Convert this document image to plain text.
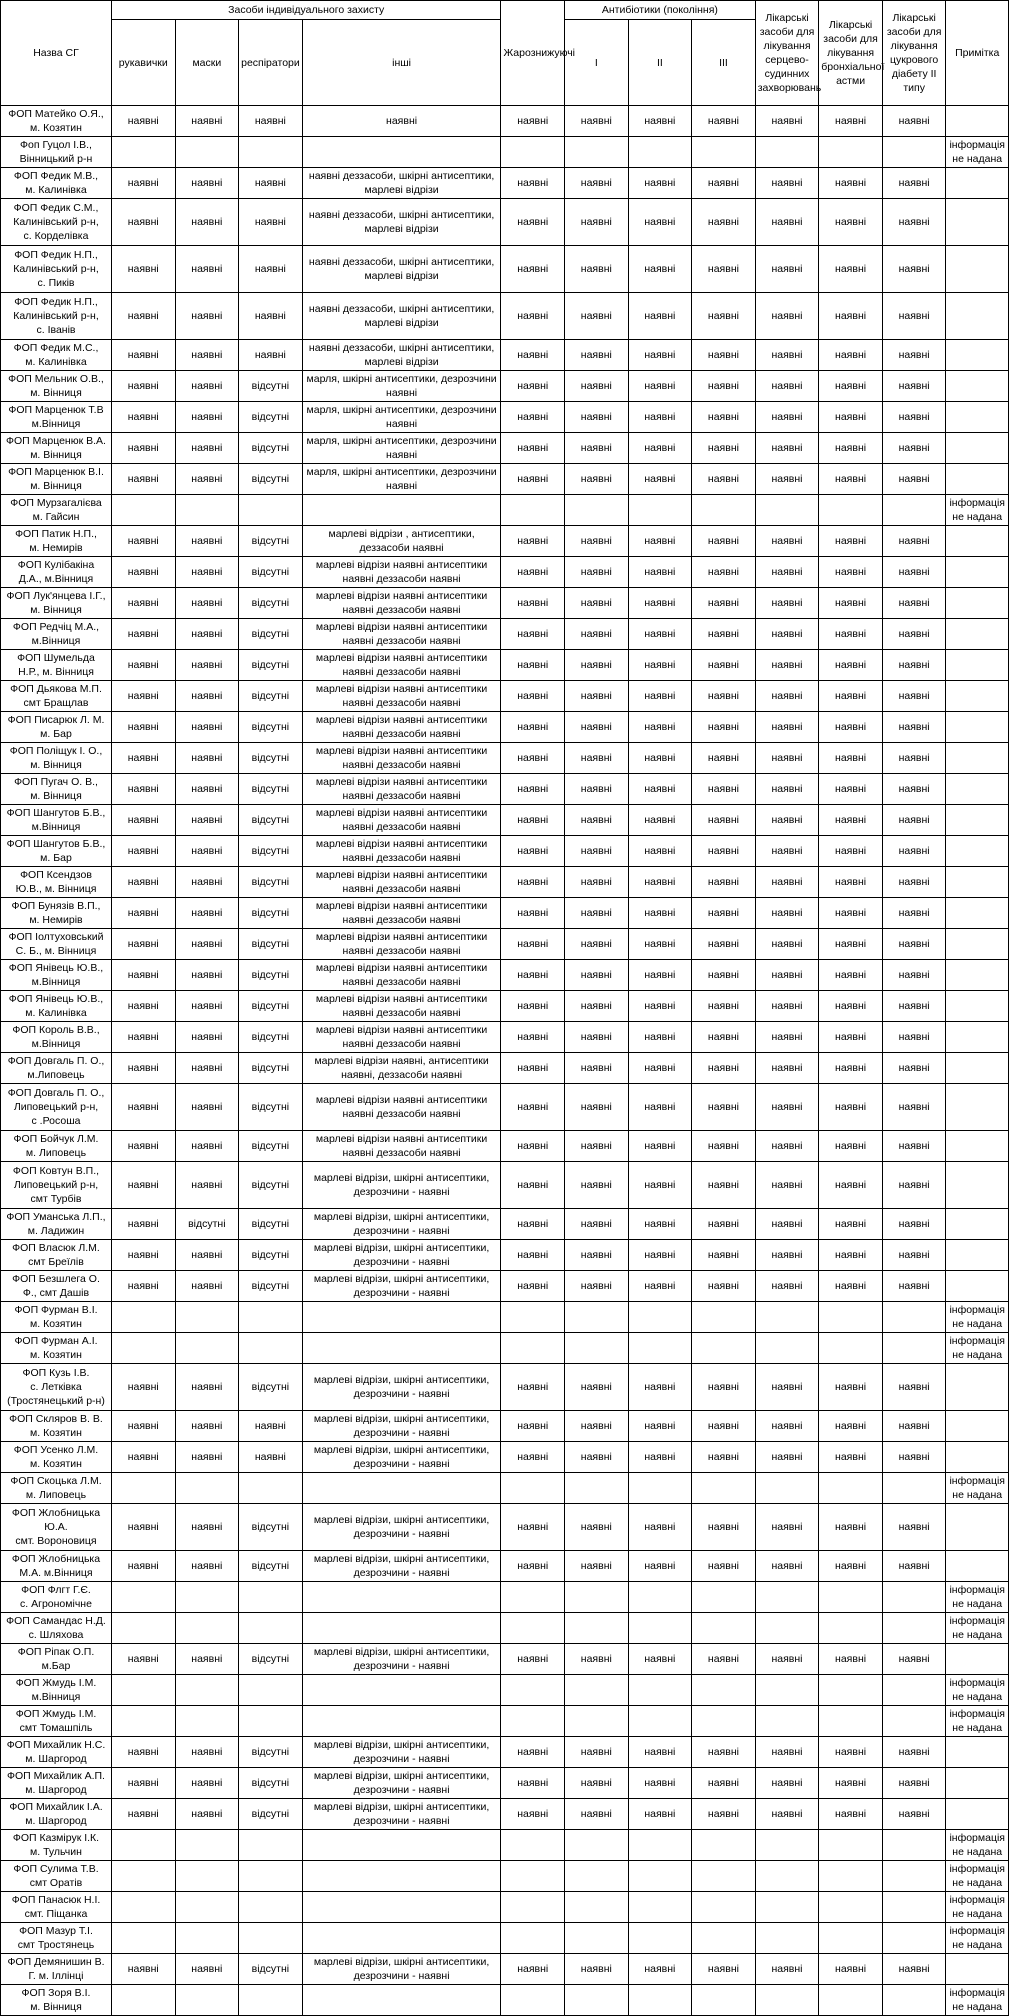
Назва СГ	Засоби індивідуального захисту				Жарознижуючі	Антибіотики (покоління)			Лікарські засоби для лікування серцево-судинних захворювань	Лікарські засоби для лікування бронхіальної астми	Лікарські засоби для лікування цукрового діабету ІІ типу	Примітка
	рукавички	маски	респіратори	інші		I	II	III				
ФОП Матейко О.Я.,
м. Козятин	наявні	наявні	наявні	наявні	наявні	наявні	наявні	наявні	наявні	наявні	наявні	
Фоп Гуцол І.В.,
Вінницький р-н												інформація
не надана
ФОП Федик М.В.,
м. Калинівка	наявні	наявні	наявні	наявні деззасоби, шкірні антисептики, марлеві відрізи	наявні	наявні	наявні	наявні	наявні	наявні	наявні	
ФОП Федик С.М.,
Калинівський р-н,
с. Корделівка	наявні	наявні	наявні	наявні деззасоби, шкірні антисептики, марлеві відрізи	наявні	наявні	наявні	наявні	наявні	наявні	наявні	
ФОП Федик Н.П.,
Калинівський р-н,
с. Пиків	наявні	наявні	наявні	наявні деззасоби, шкірні антисептики, марлеві відрізи	наявні	наявні	наявні	наявні	наявні	наявні	наявні	
ФОП Федик Н.П.,
Калинівський р-н,
с. Іванів	наявні	наявні	наявні	наявні деззасоби, шкірні антисептики, марлеві відрізи	наявні	наявні	наявні	наявні	наявні	наявні	наявні	
ФОП Федик М.С.,
м. Калинівка	наявні	наявні	наявні	наявні деззасоби, шкірні антисептики, марлеві відрізи	наявні	наявні	наявні	наявні	наявні	наявні	наявні	
ФОП Мельник О.В.,
м. Вінниця	наявні	наявні	відсутні	марля, шкірні антисептики, дезрозчини наявні	наявні	наявні	наявні	наявні	наявні	наявні	наявні	
ФОП Марценюк Т.В
м.Вінниця	наявні	наявні	відсутні	марля, шкірні антисептики, дезрозчини наявні	наявні	наявні	наявні	наявні	наявні	наявні	наявні	
ФОП Марценюк В.А.
м. Вінниця	наявні	наявні	відсутні	марля, шкірні антисептики, дезрозчини наявні	наявні	наявні	наявні	наявні	наявні	наявні	наявні	
ФОП Марценюк В.І.
м. Вінниця	наявні	наявні	відсутні	марля, шкірні антисептики, дезрозчини наявні	наявні	наявні	наявні	наявні	наявні	наявні	наявні	
ФОП Мурзагалієва
м. Гайсин												інформація
не надана
ФОП Патик Н.П.,
м. Немирів	наявні	наявні	відсутні	марлеві відрізи , антисептики, деззасоби наявні	наявні	наявні	наявні	наявні	наявні	наявні	наявні	
ФОП Кулібакіна
Д.А., м.Вінниця	наявні	наявні	відсутні	марлеві відрізи наявні антисептики наявні деззасоби наявні	наявні	наявні	наявні	наявні	наявні	наявні	наявні	
ФОП Лук'янцева І.Г.,
м. Вінниця	наявні	наявні	відсутні	марлеві відрізи наявні антисептики наявні деззасоби наявні	наявні	наявні	наявні	наявні	наявні	наявні	наявні	
ФОП Редчіц М.А.,
м.Вінниця	наявні	наявні	відсутні	марлеві відрізи наявні антисептики наявні деззасоби наявні	наявні	наявні	наявні	наявні	наявні	наявні	наявні	
ФОП Шумельда
Н.Р., м. Вінниця	наявні	наявні	відсутні	марлеві відрізи наявні антисептики наявні деззасоби наявні	наявні	наявні	наявні	наявні	наявні	наявні	наявні	
ФОП Дьякова М.П.
смт Бращлав	наявні	наявні	відсутні	марлеві відрізи наявні антисептики наявні деззасоби наявні	наявні	наявні	наявні	наявні	наявні	наявні	наявні	
ФОП Писарюк Л. М.
м. Бар	наявні	наявні	відсутні	марлеві відрізи наявні антисептики наявні деззасоби наявні	наявні	наявні	наявні	наявні	наявні	наявні	наявні	
ФОП Поліщук І. О.,
м. Вінниця	наявні	наявні	відсутні	марлеві відрізи наявні антисептики наявні деззасоби наявні	наявні	наявні	наявні	наявні	наявні	наявні	наявні	
ФОП Пугач О. В.,
м. Вінниця	наявні	наявні	відсутні	марлеві відрізи наявні антисептики наявні деззасоби наявні	наявні	наявні	наявні	наявні	наявні	наявні	наявні	
ФОП Шангутов Б.В.,
м.Вінниця	наявні	наявні	відсутні	марлеві відрізи наявні антисептики наявні деззасоби наявні	наявні	наявні	наявні	наявні	наявні	наявні	наявні	
ФОП Шангутов Б.В.,
м. Бар	наявні	наявні	відсутні	марлеві відрізи наявні антисептики наявні деззасоби наявні	наявні	наявні	наявні	наявні	наявні	наявні	наявні	
ФОП Ксендзов
Ю.В., м. Вінниця	наявні	наявні	відсутні	марлеві відрізи наявні антисептики наявні деззасоби наявні	наявні	наявні	наявні	наявні	наявні	наявні	наявні	
ФОП Бунязів В.П.,
м. Немирів	наявні	наявні	відсутні	марлеві відрізи наявні антисептики наявні деззасоби наявні	наявні	наявні	наявні	наявні	наявні	наявні	наявні	
ФОП Іолтуховський
С. Б., м. Вінниця	наявні	наявні	відсутні	марлеві відрізи наявні антисептики наявні деззасоби наявні	наявні	наявні	наявні	наявні	наявні	наявні	наявні	
ФОП Янівець Ю.В.,
м.Вінниця	наявні	наявні	відсутні	марлеві відрізи наявні антисептики наявні деззасоби наявні	наявні	наявні	наявні	наявні	наявні	наявні	наявні	
ФОП Янівець Ю.В.,
м. Калинівка	наявні	наявні	відсутні	марлеві відрізи наявні антисептики наявні деззасоби наявні	наявні	наявні	наявні	наявні	наявні	наявні	наявні	
ФОП Король В.В.,
м.Вінниця	наявні	наявні	відсутні	марлеві відрізи наявні антисептики наявні деззасоби наявні	наявні	наявні	наявні	наявні	наявні	наявні	наявні	
ФОП Довгаль П. О.,
м.Липовець	наявні	наявні	відсутні	марлеві відрізи наявні, антисептики наявні, деззасоби наявні	наявні	наявні	наявні	наявні	наявні	наявні	наявні	
ФОП Довгаль П. О.,
Липовецький р-н,
с .Росоша	наявні	наявні	відсутні	марлеві відрізи наявні антисептики наявні деззасоби наявні	наявні	наявні	наявні	наявні	наявні	наявні	наявні	
ФОП Бойчук Л.М.
м. Липовець	наявні	наявні	відсутні	марлеві відрізи наявні антисептики наявні деззасоби наявні	наявні	наявні	наявні	наявні	наявні	наявні	наявні	
ФОП Ковтун В.П.,
Липовецький р-н,
смт Турбів	наявні	наявні	відсутні	марлеві відрізи, шкірні антисептики, дезрозчини - наявні	наявні	наявні	наявні	наявні	наявні	наявні	наявні	
ФОП Уманська Л.П.,
м. Ладижин	наявні	відсутні	відсутні	марлеві відрізи, шкірні антисептики, дезрозчини - наявні	наявні	наявні	наявні	наявні	наявні	наявні	наявні	
ФОП Власюк Л.М.
смт Бреїлів	наявні	наявні	відсутні	марлеві відрізи, шкірні антисептики, дезрозчини - наявні	наявні	наявні	наявні	наявні	наявні	наявні	наявні	
ФОП Безшлега О.
Ф., смт Дашів	наявні	наявні	відсутні	марлеві відрізи, шкірні антисептики, дезрозчини - наявні	наявні	наявні	наявні	наявні	наявні	наявні	наявні	
ФОП Фурман В.І.
м. Козятин												інформація
не надана
ФОП Фурман А.І.
м. Козятин												інформація
не надана
ФОП Кузь І.В.
с. Летківка
(Тростянецький р-н)	наявні	наявні	відсутні	марлеві відрізи, шкірні антисептики, дезрозчини - наявні	наявні	наявні	наявні	наявні	наявні	наявні	наявні	
ФОП Скляров В. В.
м. Козятин	наявні	наявні	наявні	марлеві відрізи, шкірні антисептики, дезрозчини - наявні	наявні	наявні	наявні	наявні	наявні	наявні	наявні	
ФОП Усенко Л.М.
м. Козятин	наявні	наявні	наявні	марлеві відрізи, шкірні антисептики, дезрозчини - наявні	наявні	наявні	наявні	наявні	наявні	наявні	наявні	
ФОП Скоцька Л.М.
м. Липовець												інформація
не надана
ФОП Жлобницька
Ю.А.
смт. Вороновиця	наявні	наявні	відсутні	марлеві відрізи, шкірні антисептики, дезрозчини - наявні	наявні	наявні	наявні	наявні	наявні	наявні	наявні	
ФОП Жлобницька
М.А. м.Вінниця	наявні	наявні	відсутні	марлеві відрізи, шкірні антисептики, дезрозчини - наявні	наявні	наявні	наявні	наявні	наявні	наявні	наявні	
ФОП Флгт Г.Є.
с. Агрономічне												інформація
не надана
ФОП Самандас Н.Д.
с. Шляхова												інформація
не надана
ФОП Ріпак О.П.
м.Бар	наявні	наявні	відсутні	марлеві відрізи, шкірні антисептики, дезрозчини - наявні	наявні	наявні	наявні	наявні	наявні	наявні	наявні	
ФОП Жмудь І.М.
м.Вінниця												інформація
не надана
ФОП Жмудь І.М.
смт Томашпіль												інформація
не надана
ФОП Михайлик Н.С.
м. Шаргород	наявні	наявні	відсутні	марлеві відрізи, шкірні антисептики, дезрозчини - наявні	наявні	наявні	наявні	наявні	наявні	наявні	наявні	
ФОП Михайлик А.П.
м. Шаргород	наявні	наявні	відсутні	марлеві відрізи, шкірні антисептики, дезрозчини - наявні	наявні	наявні	наявні	наявні	наявні	наявні	наявні	
ФОП Михайлик І.А.
м. Шаргород	наявні	наявні	відсутні	марлеві відрізи, шкірні антисептики, дезрозчини - наявні	наявні	наявні	наявні	наявні	наявні	наявні	наявні	
ФОП Казмірук І.К.
м. Тульчин												інформація
не надана
ФОП Сулима Т.В.
смт Оратів												інформація
не надана
ФОП Панасюк Н.І.
смт. Піщанка												інформація
не надана
ФОП Мазур Т.І.
смт Тростянець												інформація
не надана
ФОП Демянишин В.
Г. м. Іллінці	наявні	наявні	відсутні	марлеві відрізи, шкірні антисептики, дезрозчини - наявні	наявні	наявні	наявні	наявні	наявні	наявні	наявні	
ФОП Зоря В.І.
м. Вінниця												інформація
не надана
